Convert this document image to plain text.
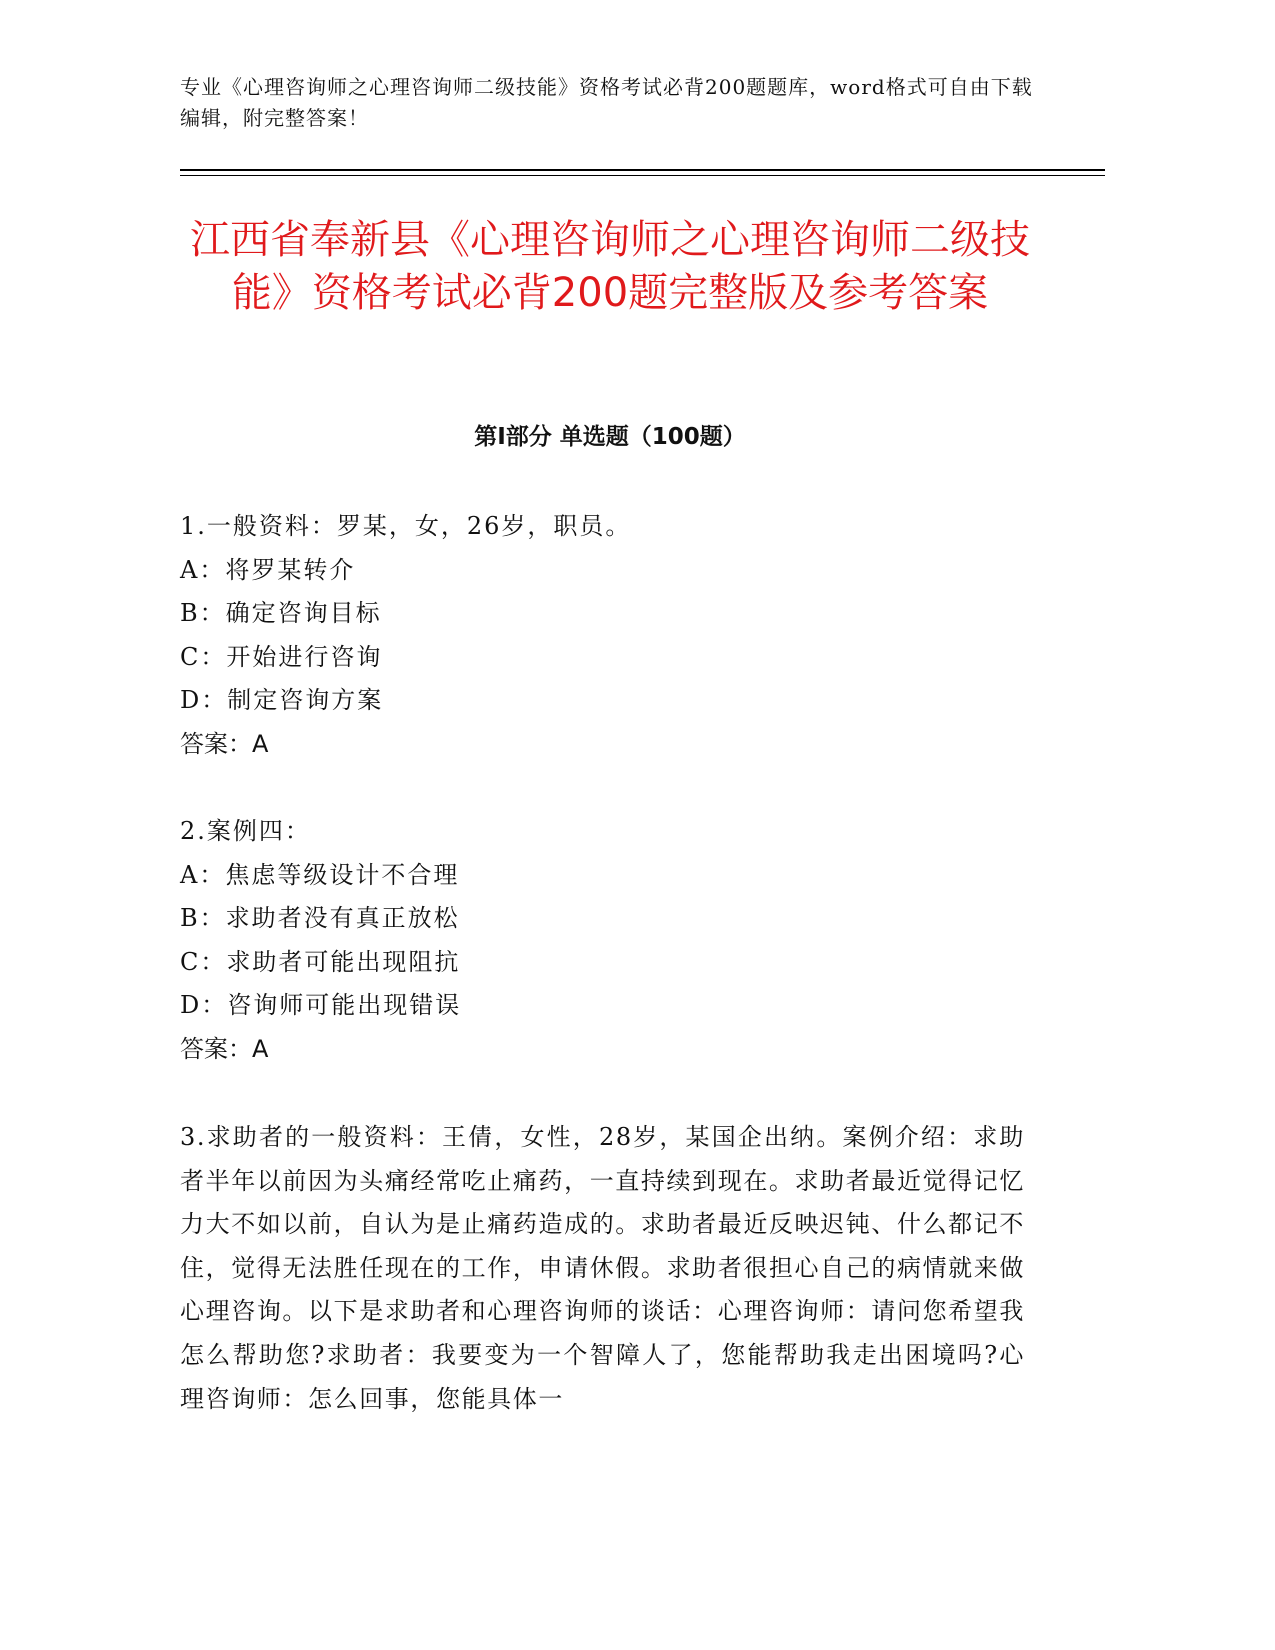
专业《心理咨询师之心理咨询师二级技能》资格考试必背200题题库，word格式可自由下载编辑，附完整答案！
江西省奉新县《心理咨询师之心理咨询师二级技能》资格考试必背200题完整版及参考答案
第I部分 单选题（100题）
1.一般资料：罗某，女，26岁，职员。
A：将罗某转介
B：确定咨询目标
C：开始进行咨询
D：制定咨询方案
答案：A
2.案例四：
A：焦虑等级设计不合理
B：求助者没有真正放松
C：求助者可能出现阻抗
D：咨询师可能出现错误
答案：A
3.求助者的一般资料：王倩，女性，28岁，某国企出纳。案例介绍：求助者半年以前因为头痛经常吃止痛药，一直持续到现在。求助者最近觉得记忆力大不如以前，自认为是止痛药造成的。求助者最近反映迟钝、什么都记不住，觉得无法胜任现在的工作，申请休假。求助者很担心自己的病情就来做心理咨询。以下是求助者和心理咨询师的谈话：心理咨询师：请问您希望我怎么帮助您?求助者：我要变为一个智障人了，您能帮助我走出困境吗?心理咨询师：怎么回事，您能具体一
